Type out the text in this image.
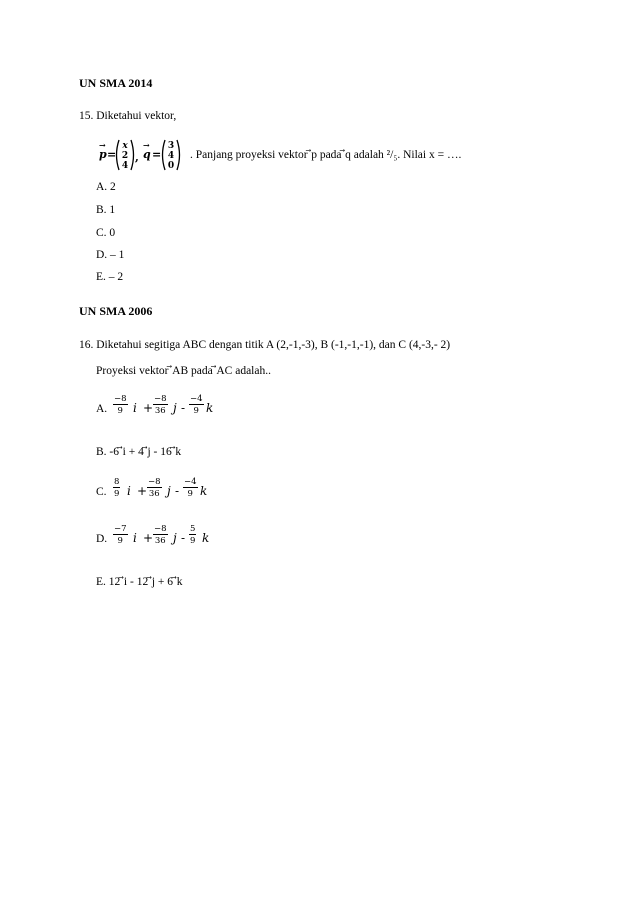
UN SMA 2014
15. Diketahui vektor,
p
→
=
x
2
4
, q
→
=
3
4
0
. Panjang proyeksi vektor ⃗p pada ⃗q adalah ²/₅. Nilai x = ….
A. 2
B. 1
C. 0
D. – 1
E. – 2
UN SMA 2006
16. Diketahui segitiga ABC dengan titik A (2,-1,-3), B (-1,-1,-1), dan C (4,-3,- 2)
Proyeksi vektor ⃗AB pada ⃗AC adalah..
A. $\frac{-8}{9}$ $i + \frac{-8}{36}$ j - $\frac{-4}{9}$ k
B. -6 ⃗i + 4 ⃗j - 16 ⃗k
C. $\frac{8}{9}$ $i + \frac{-8}{36}$ j - $\frac{-4}{9}$ k
D. $\frac{-7}{9}$ $i + \frac{-8}{36}$ j - $\frac{5}{9}$ k
E. 12 ⃗i - 12 ⃗j + 6 ⃗k
